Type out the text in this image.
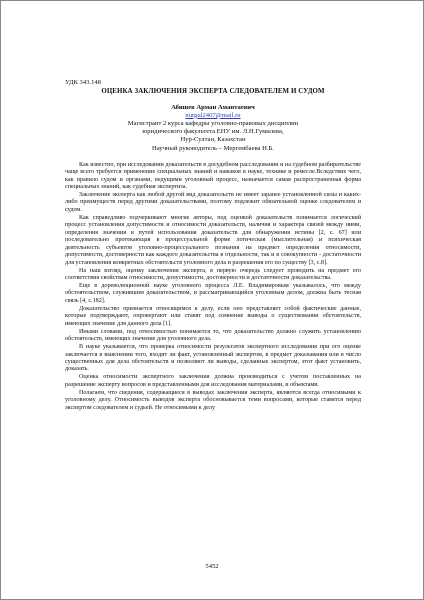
УДК 343.148

ОЦЕНКА ЗАКЛЮЧЕНИЯ ЭКСПЕРТА СЛЕДОВАТЕЛЕМ И СУДОМ

Абишев Арман Амантаевич

nurgul2407@mail.ru

Магистрант 2 курса кафедры уголовно-правовых дисциплин

юридического факультета ЕНУ им. Л.Н.Гумилева,

Нур-Султан, Казахстан

Научный руководитель – Мергембаева Н.Б.

Как известно, при исследовании доказательств в досудебном расследовании и на судебном разбирательстве чаще всего требуется применение специальных знаний и навыков в науке, технике и ремесле.Вследствие чего, как правило судом и органами, ведущими уголовный процесс, назначается самая распространенная форма специальных знаний, как судебная экспертиза.

Заключение эксперта как любой другой вид доказательств не имеет заранее установленной силы и каких-либо преимуществ перед другими доказательствами, поэтому подлежит обязательной оценке следователем и судом.

Как справедливо подчеркивают многие авторы, под оценкой доказательств понимается логический процесс установления допустимости и относимости доказательств, наличия и характера связей между ними, определения значения и путей использования доказательств для обнаружения истины [2, с. 67] или последовательно протекающая в процессуальной форме логическая (мыслительная) и психическая деятельность субъектов уголовно-процессуального познания на предмет определения относимости, допустимости, достоверности как каждого доказательства в отдельности, так и в совокупности - достаточности для установления конкретных обстоятельств уголовного дела и разрешения его по существу [3, с.8].

На наш взгляд, оценку заключения эксперта, в первую очередь следует проводить на предмет его соответствия свойствам относимости, допустимости, достоверности и достаточности доказательства.

Еще в дореволюционной науке уголовного процесса Л.Е. Владимировым указывалось, что между обстоятельством, служившим доказательством, и рассматривающийся уголовным делом, должна быть тесная связь [4, с.182].

Доказательство признается относящимся к делу, если оно представляет собой фактические данные, которые подтверждают, опровергают или ставят под сомнение выводы о существовании обстоятельств, имеющих значение для данного дела [1].

Иными словами, под относимостью понимается то, что доказательство должно служить установлению обстоятельств, имеющих значение для уголовного дела.

В науке указывается, что проверка относимости результатов экспертного исследования при его оценке заключается в выяснении того, входит ли факт, установленный экспертом, в предмет доказывания или в число существенных для дела обстоятельств и позволяют ли выводы, сделанные экспертом, этот факт установить, доказать.

Оценка относимости экспертного заключения должна производиться с учетом поставленных на разрешение эксперту вопросов и представленными для исследования материалами, и объектами.

Полагаем, что сведения, содержащиеся в выводах заключения эксперта, являются всегда относимыми к уголовному делу. Относимость выводов эксперта обосновывается теми вопросами, которые ставятся перед экспертом следователем и судьей. Не относимыми к делу

5452
